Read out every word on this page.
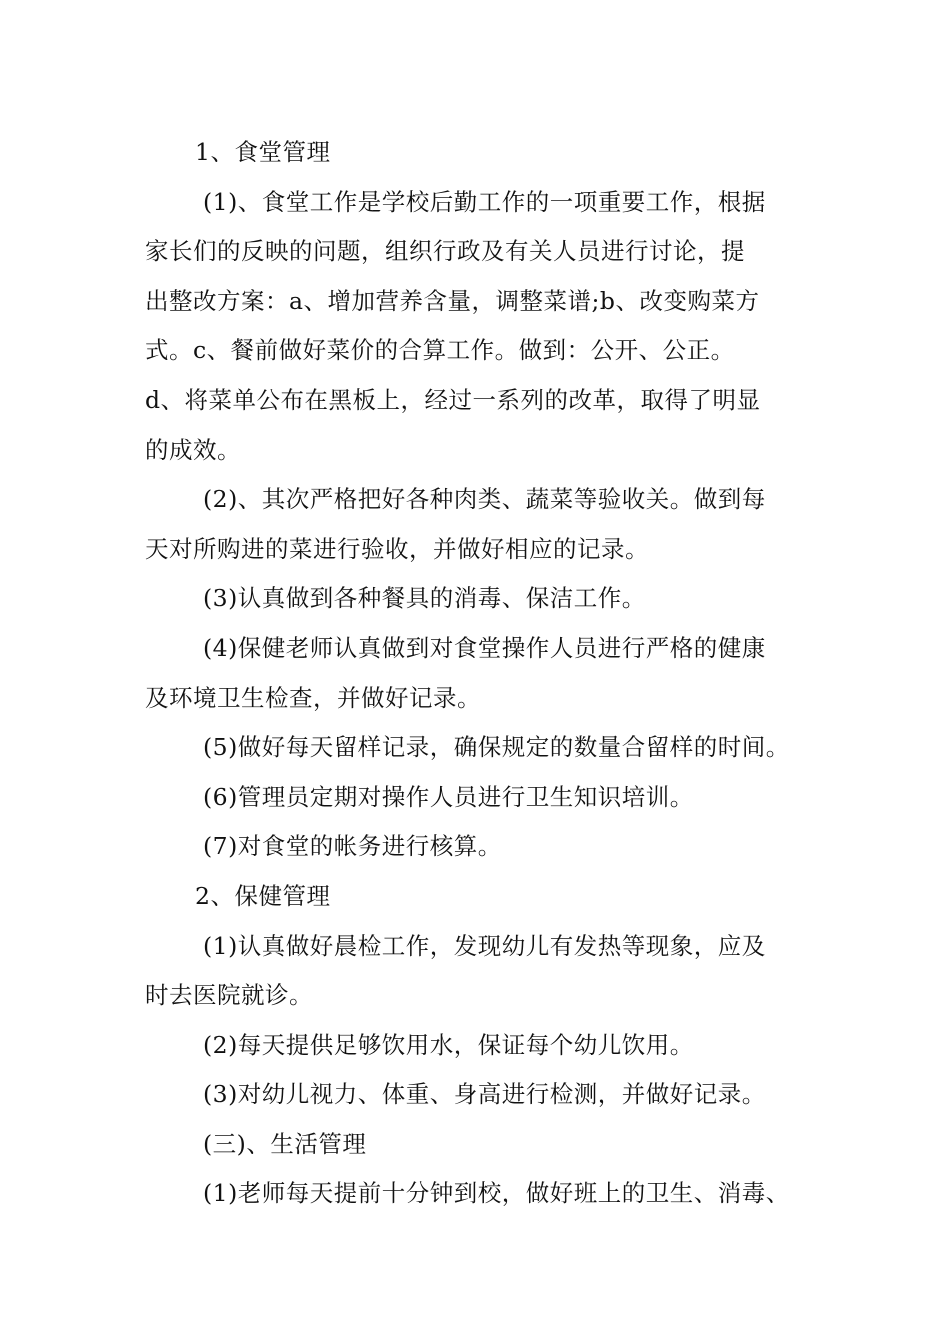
1、食堂管理
(1)、食堂工作是学校后勤工作的一项重要工作，根据
家长们的反映的问题，组织行政及有关人员进行讨论，提
出整改方案：a、增加营养含量，调整菜谱;b、改变购菜方
式。c、餐前做好菜价的合算工作。做到：公开、公正。
d、将菜单公布在黑板上，经过一系列的改革，取得了明显
的成效。
(2)、其次严格把好各种肉类、蔬菜等验收关。做到每
天对所购进的菜进行验收，并做好相应的记录。
(3)认真做到各种餐具的消毒、保洁工作。
(4)保健老师认真做到对食堂操作人员进行严格的健康
及环境卫生检查，并做好记录。
(5)做好每天留样记录，确保规定的数量合留样的时间。
(6)管理员定期对操作人员进行卫生知识培训。
(7)对食堂的帐务进行核算。
2、保健管理
(1)认真做好晨检工作，发现幼儿有发热等现象，应及
时去医院就诊。
(2)每天提供足够饮用水，保证每个幼儿饮用。
(3)对幼儿视力、体重、身高进行检测，并做好记录。
(三)、生活管理
(1)老师每天提前十分钟到校，做好班上的卫生、消毒、
